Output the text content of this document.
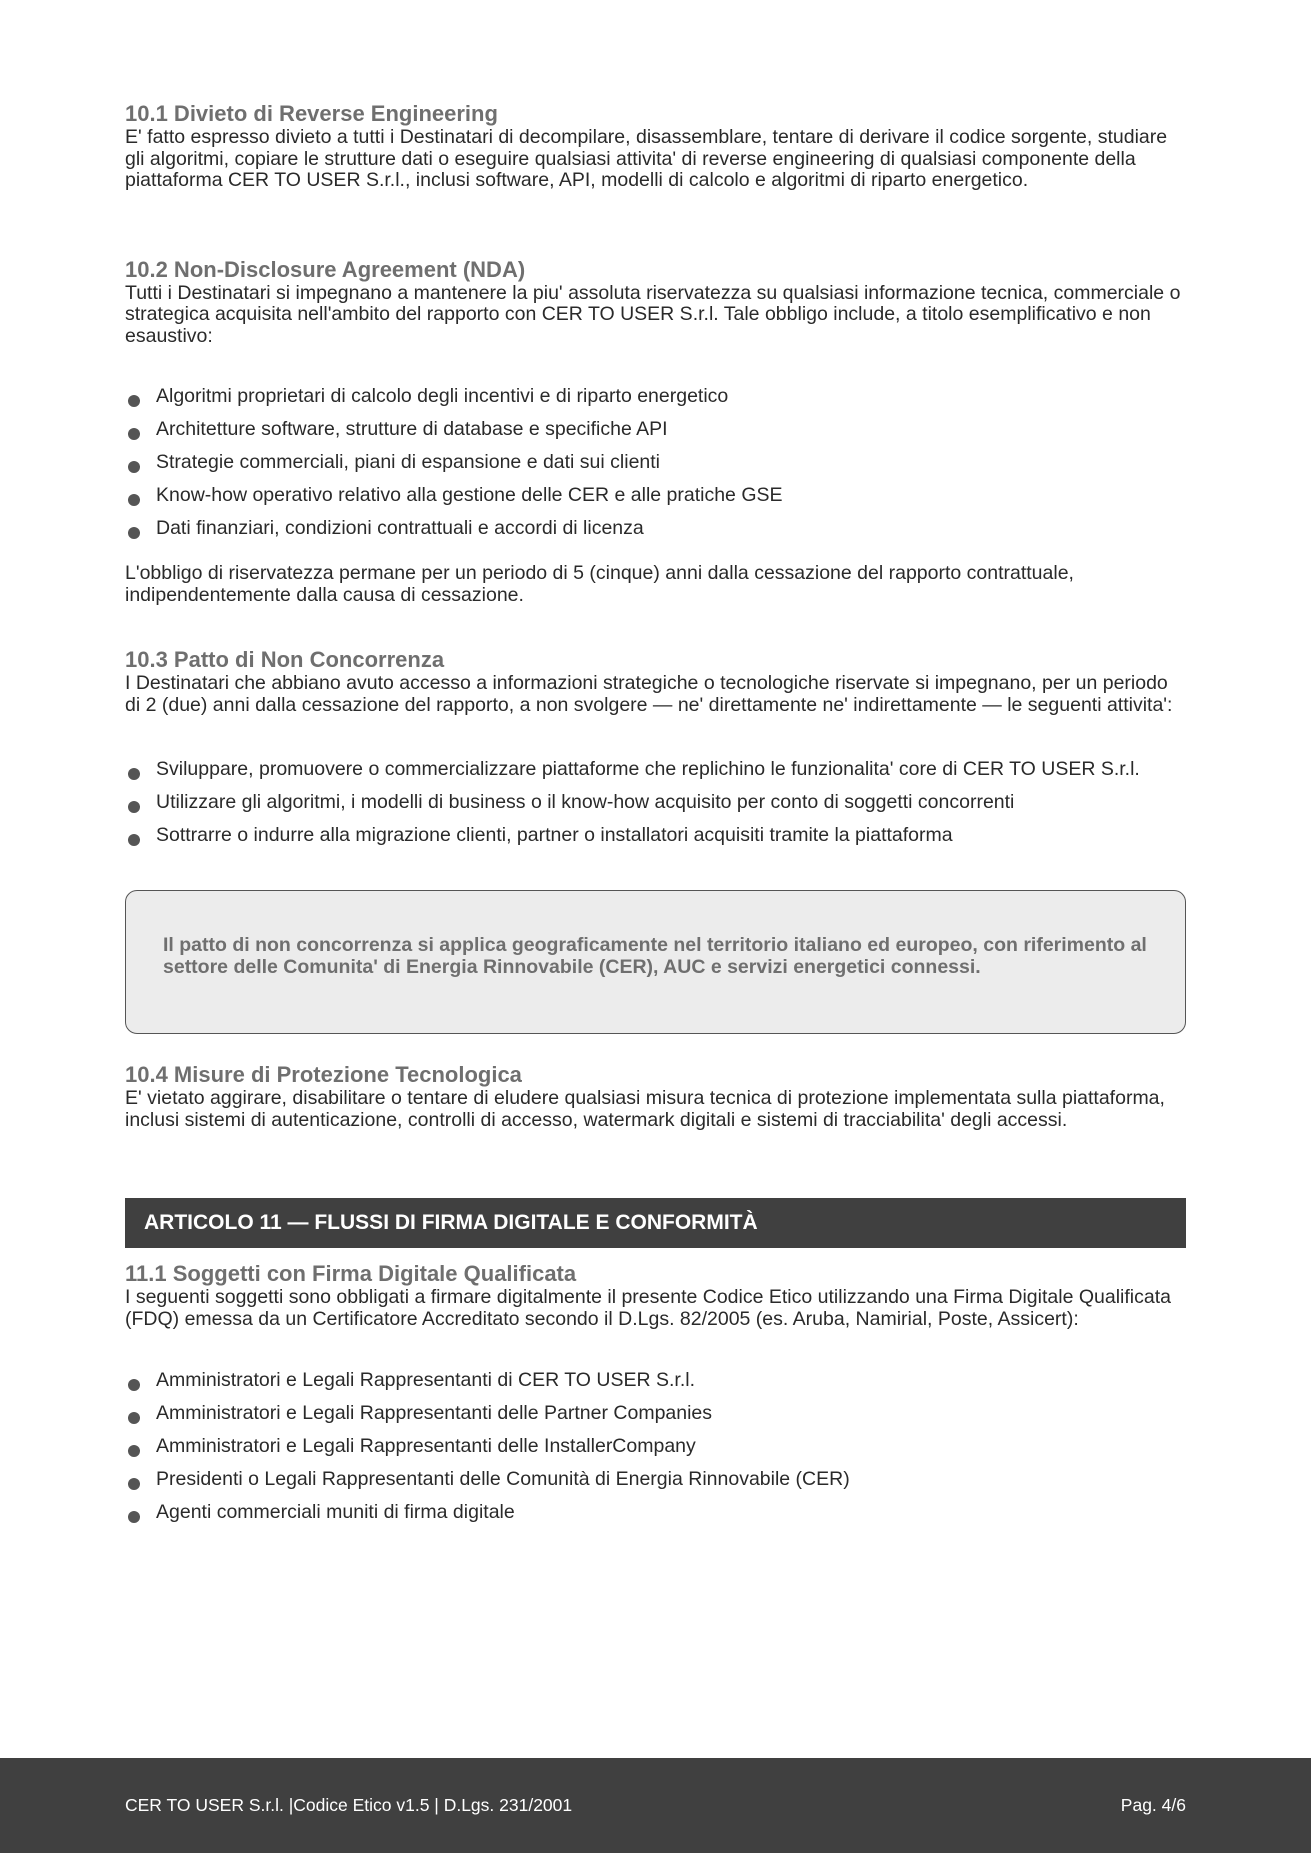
10.1 Divieto di Reverse Engineering

E' fatto espresso divieto a tutti i Destinatari di decompilare, disassemblare, tentare di derivare il codice sorgente, studiare gli algoritmi, copiare le strutture dati o eseguire qualsiasi attivita' di reverse engineering di qualsiasi componente della piattaforma CER TO USER S.r.l., inclusi software, API, modelli di calcolo e algoritmi di riparto energetico.

10.2 Non-Disclosure Agreement (NDA)

Tutti i Destinatari si impegnano a mantenere la piu' assoluta riservatezza su qualsiasi informazione tecnica, commerciale o strategica acquisita nell'ambito del rapporto con CER TO USER S.r.l. Tale obbligo include, a titolo esemplificativo e non esaustivo:

Algoritmi proprietari di calcolo degli incentivi e di riparto energetico
Architetture software, strutture di database e specifiche API
Strategie commerciali, piani di espansione e dati sui clienti
Know-how operativo relativo alla gestione delle CER e alle pratiche GSE
Dati finanziari, condizioni contrattuali e accordi di licenza

L'obbligo di riservatezza permane per un periodo di 5 (cinque) anni dalla cessazione del rapporto contrattuale, indipendentemente dalla causa di cessazione.

10.3 Patto di Non Concorrenza

I Destinatari che abbiano avuto accesso a informazioni strategiche o tecnologiche riservate si impegnano, per un periodo di 2 (due) anni dalla cessazione del rapporto, a non svolgere — ne' direttamente ne' indirettamente — le seguenti attivita':

Sviluppare, promuovere o commercializzare piattaforme che replichino le funzionalita' core di CER TO USER S.r.l.
Utilizzare gli algoritmi, i modelli di business o il know-how acquisito per conto di soggetti concorrenti
Sottrarre o indurre alla migrazione clienti, partner o installatori acquisiti tramite la piattaforma

Il patto di non concorrenza si applica geograficamente nel territorio italiano ed europeo, con riferimento al settore delle Comunita' di Energia Rinnovabile (CER), AUC e servizi energetici connessi.

10.4 Misure di Protezione Tecnologica

E' vietato aggirare, disabilitare o tentare di eludere qualsiasi misura tecnica di protezione implementata sulla piattaforma, inclusi sistemi di autenticazione, controlli di accesso, watermark digitali e sistemi di tracciabilita' degli accessi.

ARTICOLO 11 — FLUSSI DI FIRMA DIGITALE E CONFORMITÀ
11.1 Soggetti con Firma Digitale Qualificata

I seguenti soggetti sono obbligati a firmare digitalmente il presente Codice Etico utilizzando una Firma Digitale Qualificata (FDQ) emessa da un Certificatore Accreditato secondo il D.Lgs. 82/2005 (es. Aruba, Namirial, Poste, Assicert):

Amministratori e Legali Rappresentanti di CER TO USER S.r.l.
Amministratori e Legali Rappresentanti delle Partner Companies
Amministratori e Legali Rappresentanti delle InstallerCompany
Presidenti o Legali Rappresentanti delle Comunità di Energia Rinnovabile (CER)
Agenti commerciali muniti di firma digitale
CER TO USER S.r.l. |Codice Etico v1.5 | D.Lgs. 231/2001	Pag. 4/6
